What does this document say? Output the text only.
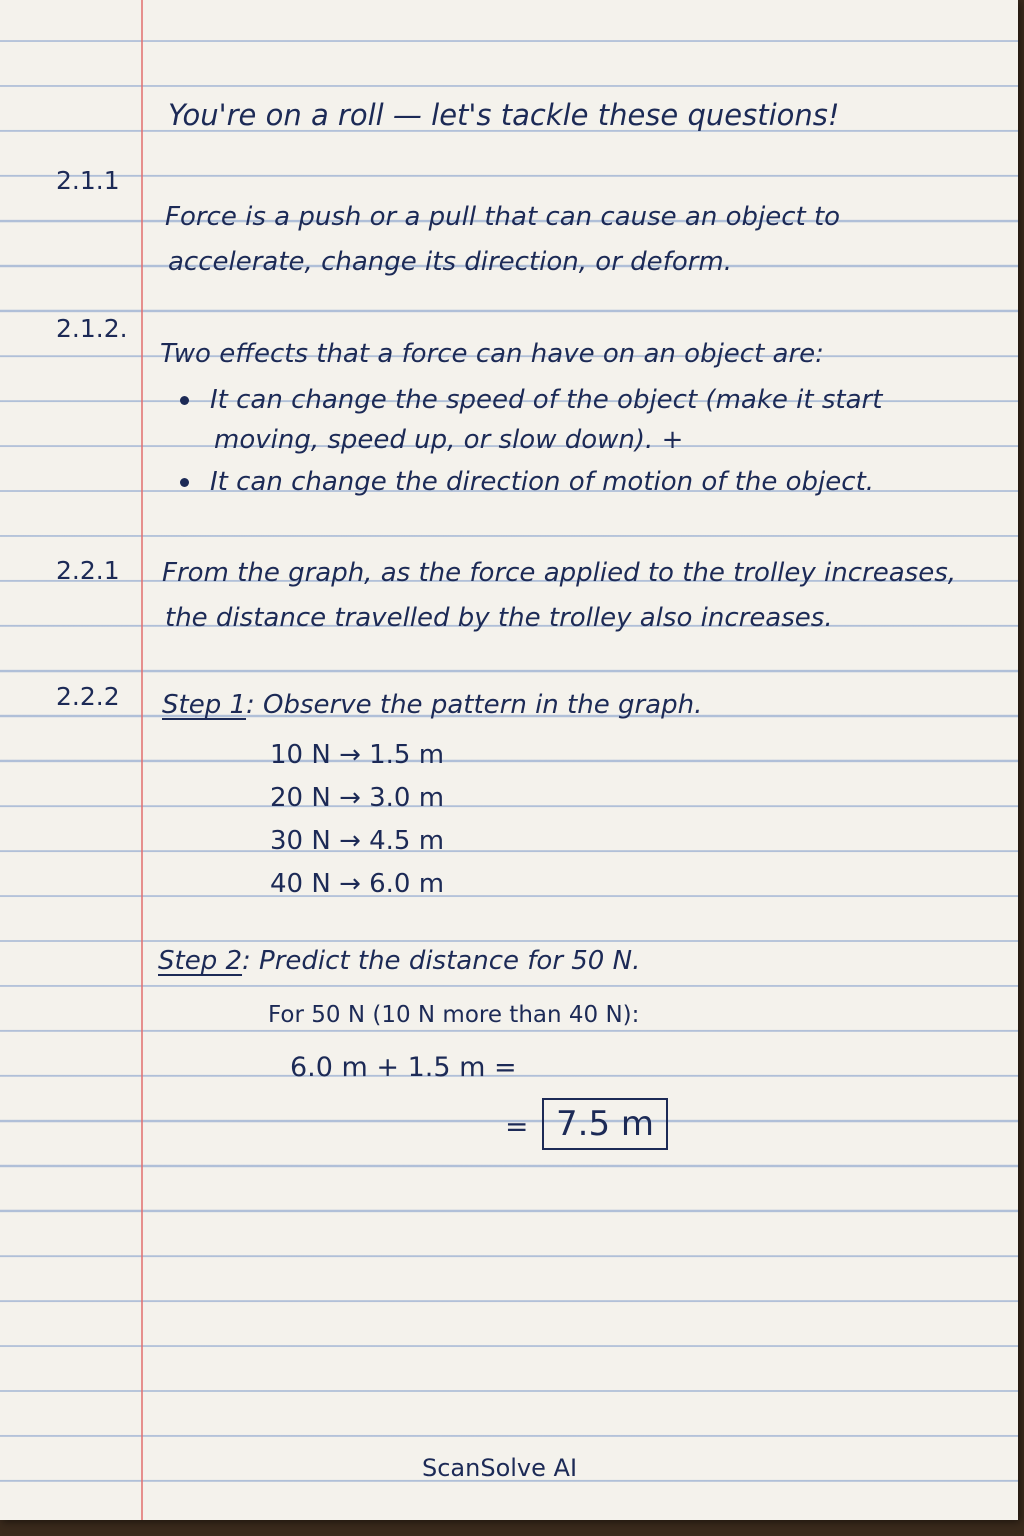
You're on a roll — let's tackle these questions!
2.1.1
Force is a push or a pull that can cause an object to
accelerate, change its direction, or deform.
2.1.2.
Two effects that a force can have on an object are:
It can change the speed of the object (make it start
moving, speed up, or slow down). +
It can change the direction of motion of the object.
2.2.1 From the graph, as the force applied to the trolley increases,
the distance travelled by the trolley also increases.
2.2.2 Step 1: Observe the pattern in the graph.
10 N → 1.5 m
20 N → 3.0 m
30 N → 4.5 m
40 N → 6.0 m
Step 2: Predict the distance for 50 N.
For 50 N (10 N more than 40 N):
6.0 m + 1.5 m =
= 7.5 m
ScanSolve AI
